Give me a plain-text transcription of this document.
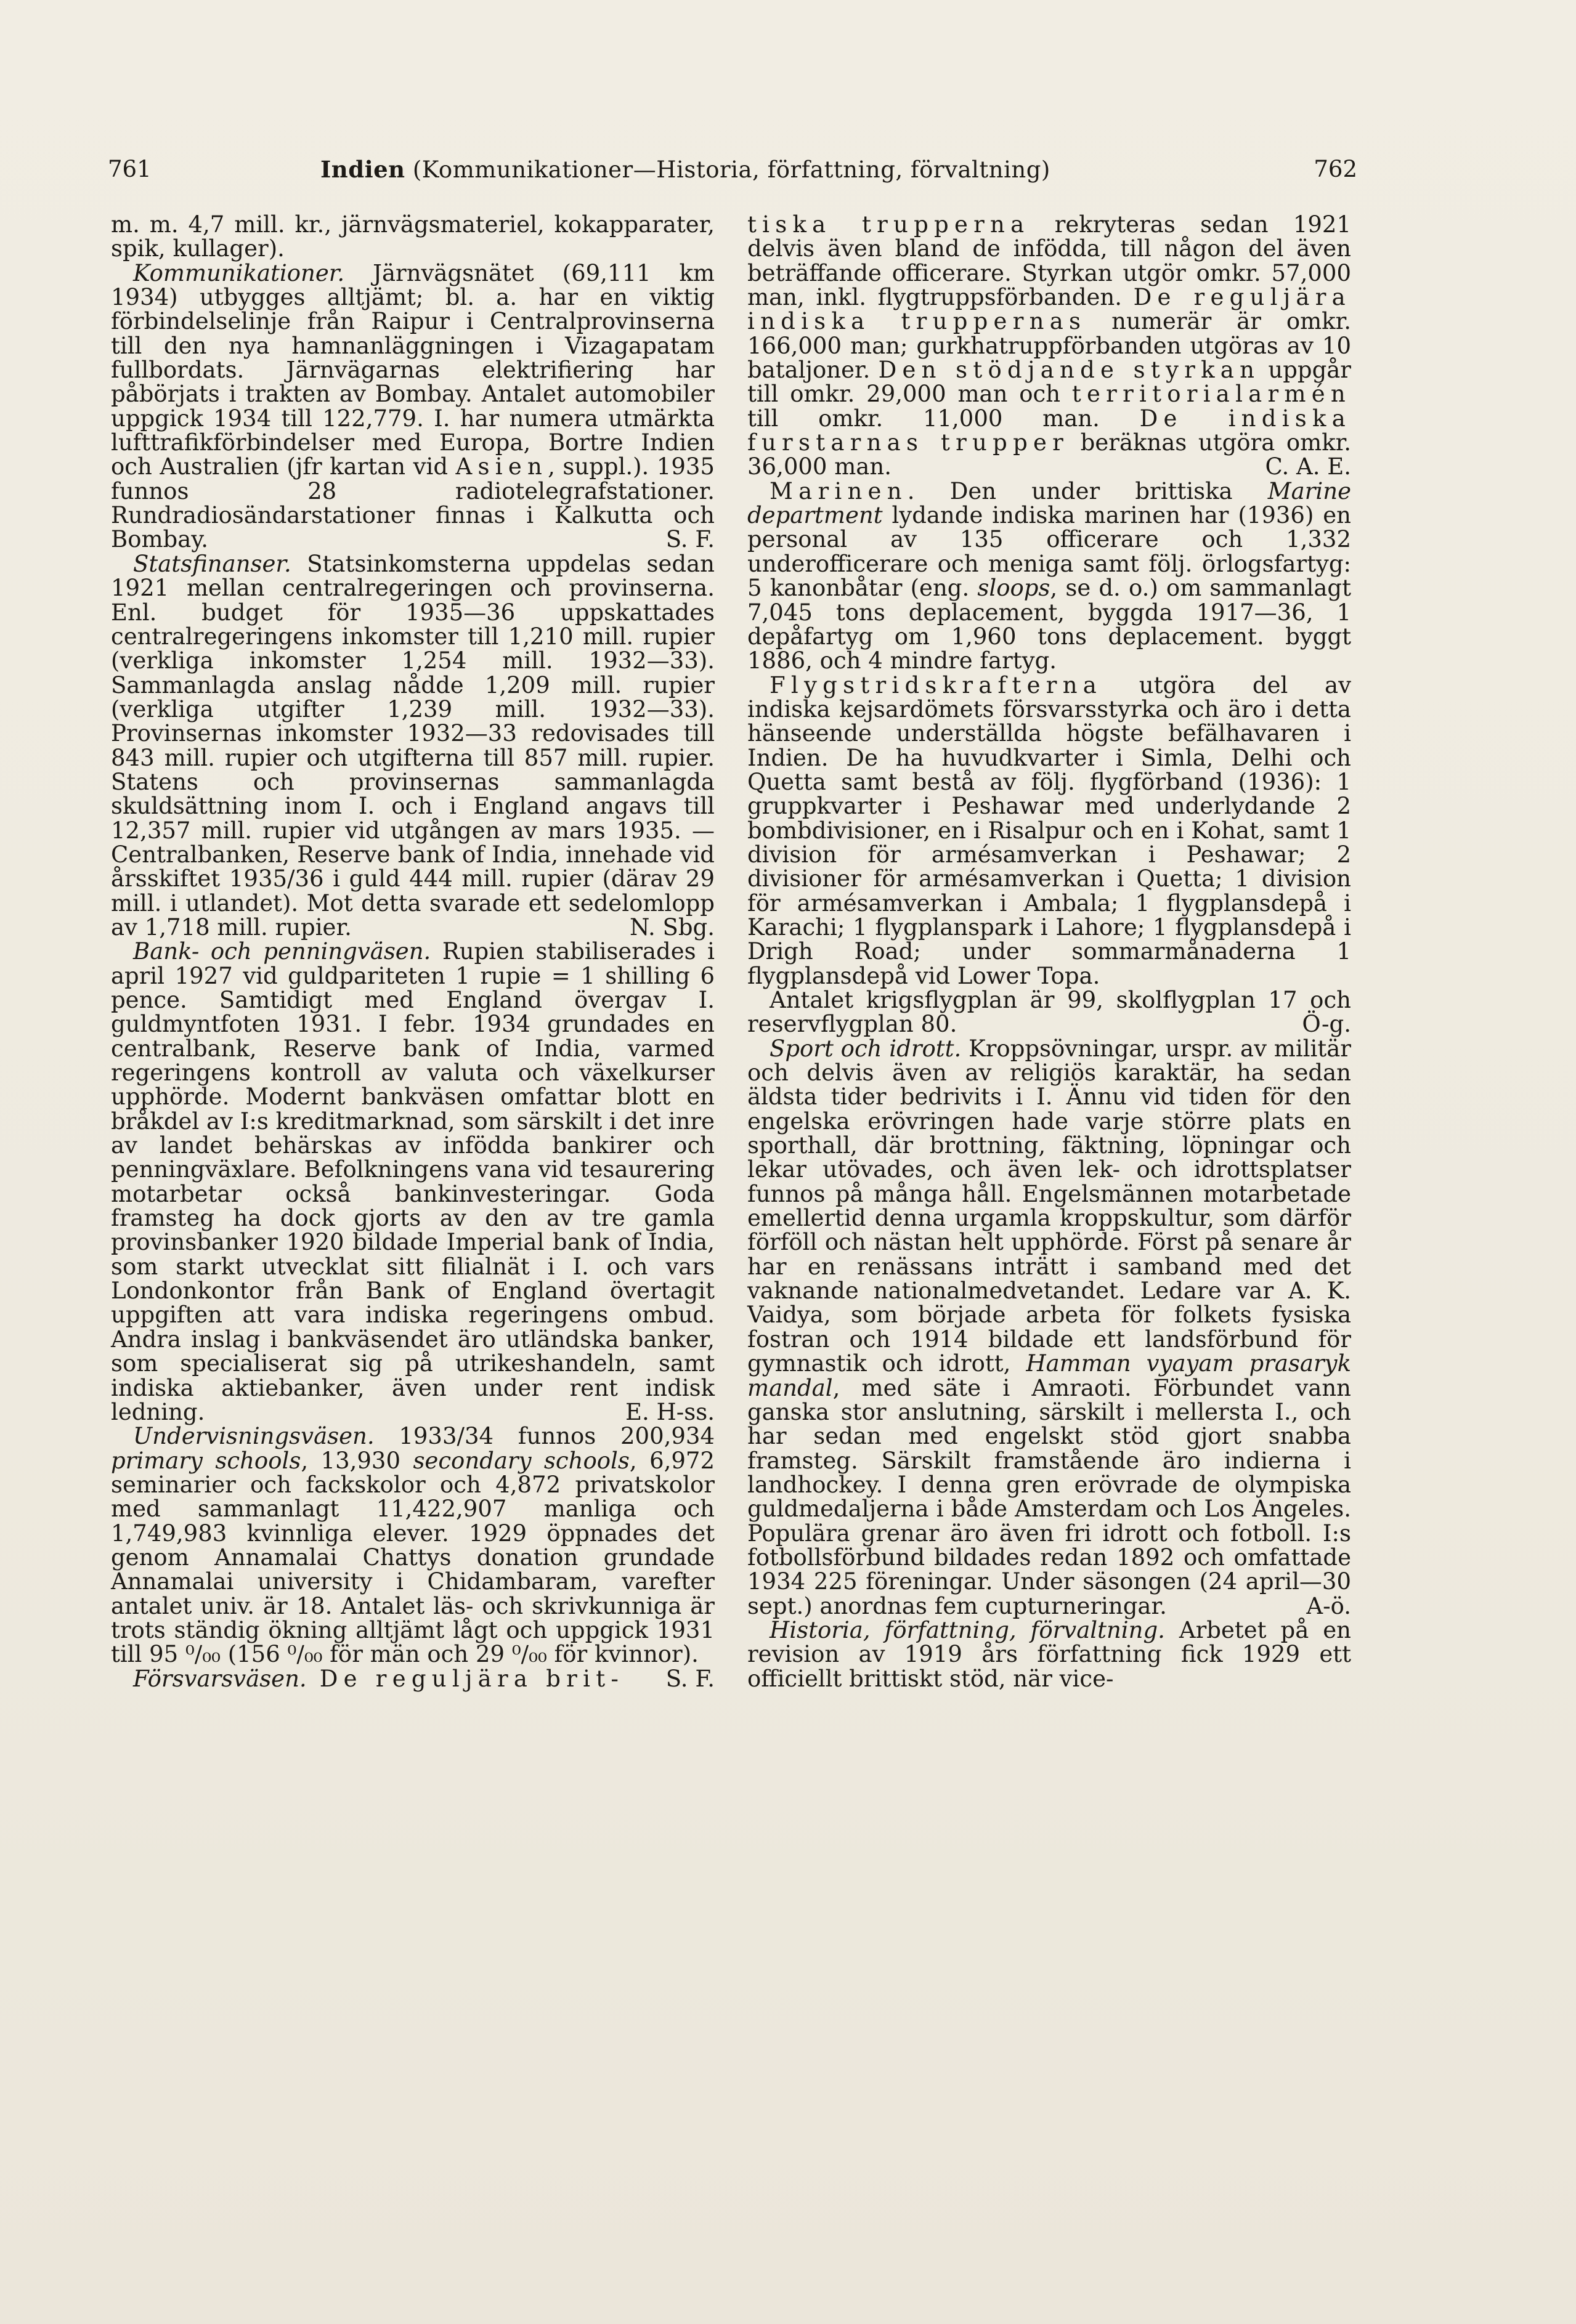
761	Indien (Kommunikationer—Historia, författning, förvaltning)	762

m. m. 4,7 mill. kr., järnvägsmateriel, kokapparater, spik, kullager).

Kommunikationer. Järnvägsnätet (69,111 km 1934) utbygges alltjämt; bl. a. har en viktig förbindelselinje från Raipur i Centralprovinserna till den nya hamnanläggningen i Vizagapatam fullbordats. Järnvägarnas elektrifiering har påbörjats i trakten av Bombay. Antalet automobiler uppgick 1934 till 122,779. I. har numera utmärkta lufttrafikförbindelser med Europa, Bortre Indien och Australien (jfr kartan vid Asien, suppl.). 1935 funnos 28 radiotelegrafstationer. Rundradiosändarstationer finnas i Kalkutta och Bombay.	S. F.

Statsfinanser. Statsinkomsterna uppdelas sedan 1921 mellan centralregeringen och provinserna. Enl. budget för 1935—36 uppskattades centralregeringens inkomster till 1,210 mill. rupier (verkliga inkomster 1,254 mill. 1932—33). Sammanlagda anslag nådde 1,209 mill. rupier (verkliga utgifter 1,239 mill. 1932—33). Provinsernas inkomster 1932—33 redovisades till 843 mill. rupier och utgifterna till 857 mill. rupier. Statens och provinsernas sammanlagda skuldsättning inom I. och i England angavs till 12,357 mill. rupier vid utgången av mars 1935. — Centralbanken, Reserve bank of India, innehade vid årsskiftet 1935/36 i guld 444 mill. rupier (därav 29 mill. i utlandet). Mot detta svarade ett sedelomlopp av 1,718 mill. rupier.	N. Sbg.

Bank- och penningväsen. Rupien stabiliserades i april 1927 vid guldpariteten 1 rupie = 1 shilling 6 pence. Samtidigt med England övergav I. guldmyntfoten 1931. I febr. 1934 grundades en centralbank, Reserve bank of India, varmed regeringens kontroll av valuta och växelkurser upphörde. Modernt bankväsen omfattar blott en bråkdel av I:s kreditmarknad, som särskilt i det inre av landet behärskas av infödda bankirer och penningväxlare. Befolkningens vana vid tesaurering motarbetar också bankinvesteringar. Goda framsteg ha dock gjorts av den av tre gamla provinsbanker 1920 bildade Imperial bank of India, som starkt utvecklat sitt filialnät i I. och vars Londonkontor från Bank of England övertagit uppgiften att vara indiska regeringens ombud. Andra inslag i bankväsendet äro utländska banker, som specialiserat sig på utrikeshandeln, samt indiska aktiebanker, även under rent indisk ledning.	E. H-ss.

Undervisningsväsen. 1933/34 funnos 200,934 primary schools, 13,930 secondary schools, 6,972 seminarier och fackskolor och 4,872 privatskolor med sammanlagt 11,422,907 manliga och 1,749,983 kvinnliga elever. 1929 öppnades det genom Annamalai Chattys donation grundade Annamalai university i Chidambaram, varefter antalet univ. är 18. Antalet läs- och skrivkunniga är trots ständig ökning alltjämt lågt och uppgick 1931 till 95 ⁰/₀₀ (156 ⁰/₀₀ för män och 29 ⁰/₀₀ för kvinnor).
S. F.

Försvarsväsen. De reguljära brit-

tiska trupperna rekryteras sedan 1921 delvis även bland de infödda, till någon del även beträffande officerare. Styrkan utgör omkr. 57,000 man, inkl. flygtruppsförbanden. De reguljära indiska truppernas numerär är omkr. 166,000 man; gurkhatruppförbanden utgöras av 10 bataljoner. Den stödjande styrkan uppgår till omkr. 29,000 man och territorialarmén till omkr. 11,000 man. De indiska furstarnas trupper beräknas utgöra omkr. 36,000 man.	C. A. E.

Marinen. Den under brittiska Marine department lydande indiska marinen har (1936) en personal av 135 officerare och 1,332 underofficerare och meniga samt följ. örlogsfartyg: 5 kanonbåtar (eng. sloops, se d. o.) om sammanlagt 7,045 tons deplacement, byggda 1917—36, 1 depåfartyg om 1,960 tons deplacement. byggt 1886, och 4 mindre fartyg.

Flygstridskrafterna utgöra del av indiska kejsardömets försvarsstyrka och äro i detta hänseende underställda högste befälhavaren i Indien. De ha huvudkvarter i Simla, Delhi och Quetta samt bestå av följ. flygförband (1936): 1 gruppkvarter i Peshawar med underlydande 2 bombdivisioner, en i Risalpur och en i Kohat, samt 1 division för armésamverkan i Peshawar; 2 divisioner för armésamverkan i Quetta; 1 division för armésamverkan i Ambala; 1 flygplansdepå i Karachi; 1 flygplanspark i Lahore; 1 flygplansdepå i Drigh Road; under sommarmånaderna 1 flygplansdepå vid Lower Topa.

Antalet krigsflygplan är 99, skolflygplan 17 och reservflygplan 80.	Ö-g.

Sport och idrott. Kroppsövningar, urspr. av militär och delvis även av religiös karaktär, ha sedan äldsta tider bedrivits i I. Ännu vid tiden för den engelska erövringen hade varje större plats en sporthall, där brottning, fäktning, löpningar och lekar utövades, och även lek- och idrottsplatser funnos på många håll. Engelsmännen motarbetade emellertid denna urgamla kroppskultur, som därför förföll och nästan helt upphörde. Först på senare år har en renässans inträtt i samband med det vaknande nationalmedvetandet. Ledare var A. K. Vaidya, som började arbeta för folkets fysiska fostran och 1914 bildade ett landsförbund för gymnastik och idrott, Hamman vyayam prasaryk mandal, med säte i Amraoti. Förbundet vann ganska stor anslutning, särskilt i mellersta I., och har sedan med engelskt stöd gjort snabba framsteg. Särskilt framstående äro indierna i landhockey. I denna gren erövrade de olympiska guldmedaljerna i både Amsterdam och Los Angeles. Populära grenar äro även fri idrott och fotboll. I:s fotbollsförbund bildades redan 1892 och omfattade 1934 225 föreningar. Under säsongen (24 april—30 sept.) anordnas fem cupturneringar.	A-ö.

Historia, författning, förvaltning. Arbetet på en revision av 1919 års författning fick 1929 ett officiellt brittiskt stöd, när vice-
